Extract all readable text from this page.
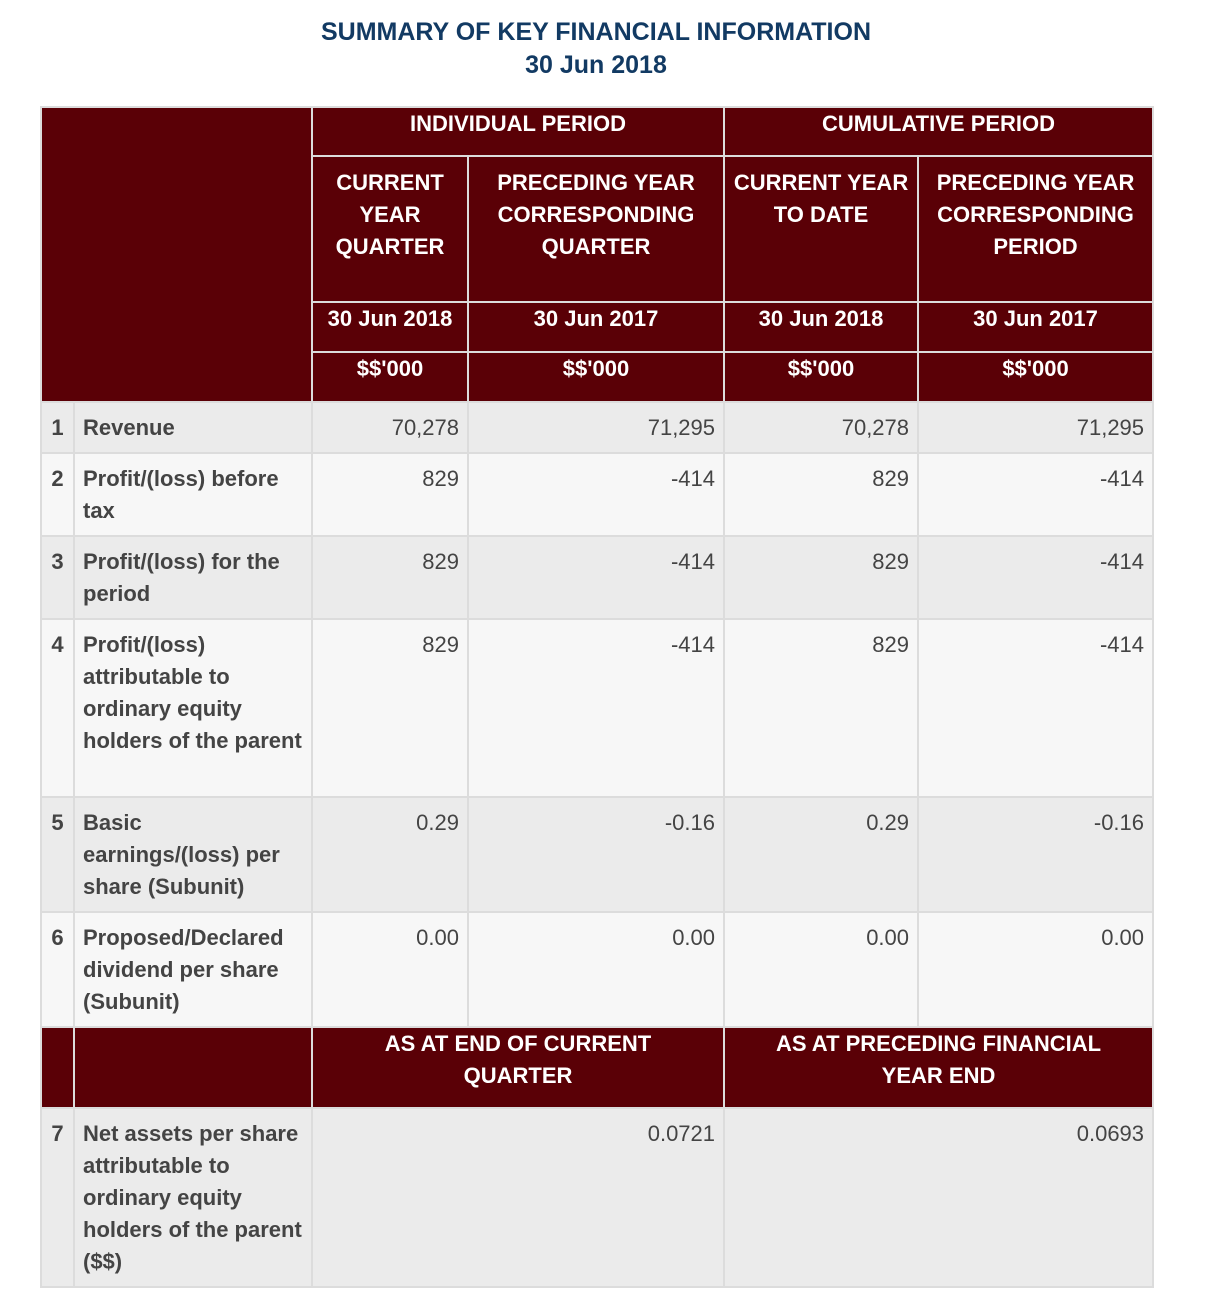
SUMMARY OF KEY FINANCIAL INFORMATION
30 Jun 2018
		INDIVIDUAL PERIOD		CUMULATIVE PERIOD	
		CURRENT YEAR QUARTER	PRECEDING YEAR CORRESPONDING QUARTER	CURRENT YEAR TO DATE	PRECEDING YEAR CORRESPONDING PERIOD
		30 Jun 2018	30 Jun 2017	30 Jun 2018	30 Jun 2017
		$$'000	$$'000	$$'000	$$'000
1	Revenue	70,278	71,295	70,278	71,295
2	Profit/(loss) before tax	829	-414	829	-414
3	Profit/(loss) for the period	829	-414	829	-414
4	Profit/(loss) attributable to ordinary equity holders of the parent	829	-414	829	-414
5	Basic earnings/(loss) per share (Subunit)	0.29	-0.16	0.29	-0.16
6	Proposed/Declared dividend per share (Subunit)	0.00	0.00	0.00	0.00
		AS AT END OF CURRENT QUARTER		AS AT PRECEDING FINANCIAL YEAR END	
7	Net assets per share attributable to ordinary equity holders of the parent ($$)	0.0721		0.0693	
